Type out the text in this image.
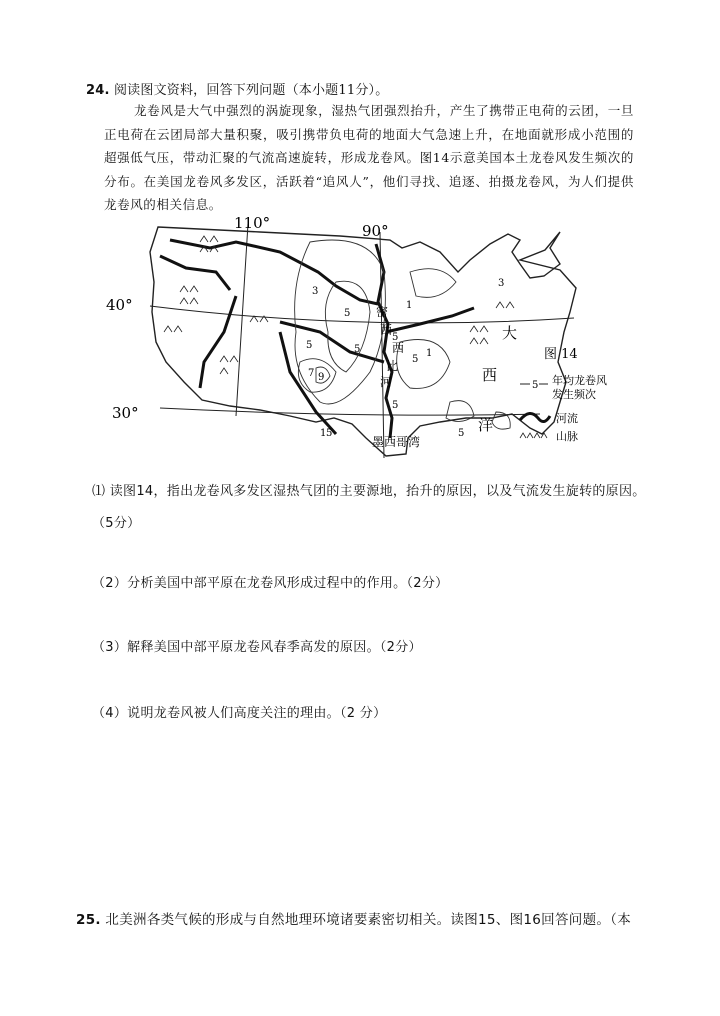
24. 阅读图文资料，回答下列问题（本小题11分）。
龙卷风是大气中强烈的涡旋现象，湿热气团强烈抬升，产生了携带正电荷的云团，一旦正电荷在云团局部大量积聚，吸引携带负电荷的地面大气急速上升，在地面就形成小范围的超强低气压，带动汇聚的气流高速旋转，形成龙卷风。图14示意美国本土龙卷风发生频次的分布。在美国龙卷风多发区，活跃着“追风人”，他们寻找、追逐、拍摄龙卷风，为人们提供龙卷风的相关信息。
110°	90°
40°
30°
3
5
5	5
7 9
5
5
5
1
1 5	5
3
1
密 西 西 比 河
墨西哥湾
大
西
洋
图 14
5 年均龙卷风
发生频次
河流
山脉
⑴ 读图14，指出龙卷风多发区湿热气团的主要源地，抬升的原因，以及气流发生旋转的原因。（5分）
（2）分析美国中部平原在龙卷风形成过程中的作用。（2分）
（3）解释美国中部平原龙卷风春季高发的原因。（2分）
（4）说明龙卷风被人们高度关注的理由。（2 分）
25. 北美洲各类气候的形成与自然地理环境诸要素密切相关。读图15、图16回答问题。（本
